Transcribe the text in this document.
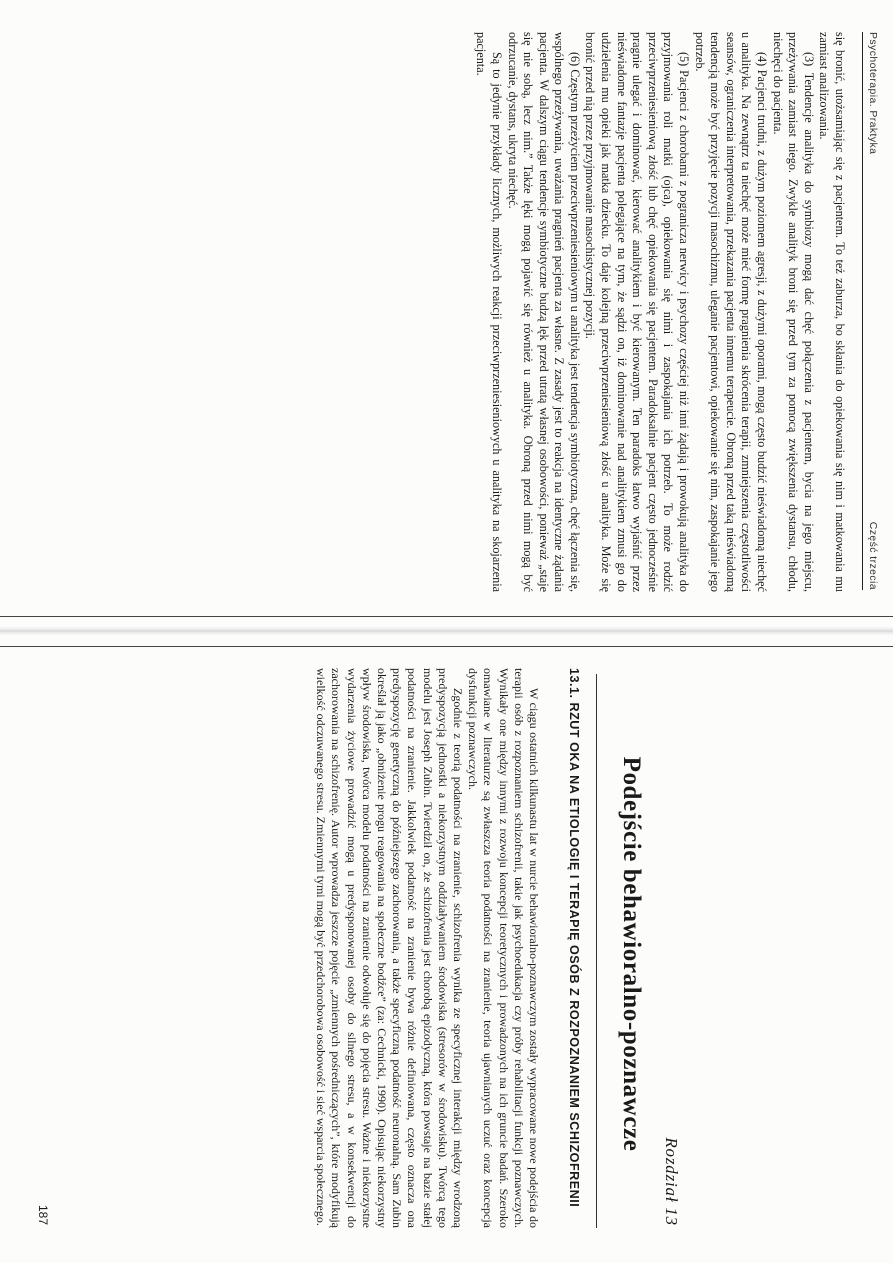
Psychoterapia. Praktyka
Część trzecia

się bronić, utożsamiając się z pacjentem. To też zaburza, bo skłania do opiekowania się nim i matkowania mu zamiast analizowania.

(3) Tendencje analityka do symbiozy mogą dać chęć połączenia z pacjentem, bycia na jego miejscu, przeżywania zamiast niego. Zwykle analityk broni się przed tym za pomocą zwiększenia dystansu, chłodu, niechęci do pacjenta.

(4) Pacjenci trudni, z dużym poziomem agresji, z dużymi oporami, mogą często budzić nieświadomą niechęć u analityka. Na zewnątrz ta niechęć może mieć formę pragnienia skrócenia terapii, zmniejszenia częstotliwości seansów, ograniczenia interpretowania, przekazania pacjenta innemu terapeucie. Obroną przed taką nieświadomą tendencją może być przyjęcie pozycji masochizmu, uleganie pacjentowi, opiekowanie się nim, zaspokajanie jego potrzeb.

(5) Pacjenci z chorobami z pogranicza nerwicy i psychozy częściej niż inni żądają i prowokują analityka do przyjmowania roli matki (ojca), opiekowania się nimi i zaspokajania ich potrzeb. To może rodzić przeciwprzeniesieniową złość lub chęć opiekowania się pacjentem. Paradoksalnie pacjent często jednocześnie pragnie ulegać i dominować, kierować analitykiem i być kierowanym. Ten paradoks łatwo wyjaśnić przez nieświadome fantazje pacjenta polegające na tym, że sądzi on, iż dominowanie nad analitykiem zmusi go do udzielenia mu opieki jak matka dziecku. To daje kolejną przeciwprzeniesieniową złość u analityka. Może się bronić przed nią przez przyjmowanie masochistycznej pozycji.

(6) Częstym przeżyciem przeciwprzeniesieniowym u analityka jest tendencja symbiotyczna, chęć łączenia się, wspólnego przeżywania, uważania pragnień pacjenta za własne. Z zasady jest to reakcja na identyczne żądania pacjenta. W dalszym ciągu tendencje symbiotyczne budzą lęk przed utratą własnej osobowości, ponieważ „staje się nie sobą, lecz nim.” Także lęki mogą pojawić się również u analityka. Obroną przed nimi mogą być odrzucanie, dystans, ukryta niechęć.

Są to jedynie przykłady licznych, możliwych reakcji przeciwprzeniesieniowych u analityka na skojarzenia pacjenta.

Rozdział 13
Podejście behawioralno-poznawcze
13.1. RZUT OKA NA ETIOLOGIĘ I TERAPIĘ OSÓB Z ROZPOZNANIEM SCHIZOFRENII

W ciągu ostatnich kilkunastu lat w nurcie behawioralno-poznawczym zostały wypracowane nowe podejścia do terapii osób z rozpoznaniem schizofrenii, takie jak psychoedukacja czy próby rehabilitacji funkcji poznawczych. Wynikały one między innymi z rozwoju koncepcji teoretycznych i prowadzonych na ich gruncie badań. Szeroko omawiane w literaturze są zwłaszcza teoria podatności na zranienie, teoria ujawnianych uczuć oraz koncepcja dysfunkcji poznawczych.

Zgodnie z teorią podatności na zranienie, schizofrenia wynika ze specyficznej interakcji między wrodzoną predyspozycją jednostki a niekorzystnym oddziaływaniem środowiska (stresorów w środowisku). Twórcą tego modelu jest Joseph Zubin. Twierdził on, że schizofrenia jest chorobą epizodyczną, która powstaje na bazie stałej podatności na zranienie. Jakkolwiek podatność na zranienie bywa różnie definiowana, często oznacza ona predyspozycję genetyczną do późniejszego zachorowania, a także specyficzną podatność neuronalną. Sam Zubin określał ją jako „obniżenie progu reagowania na społeczne bodźce” (za: Cechnicki, 1990). Opisując niekorzystny wpływ środowiska, twórca modelu podatności na zranienie odwołuje się do pojęcia stresu. Ważne i niekorzystne wydarzenia życiowe prowadzić mogą u predysponowanej osoby do silnego stresu, a w konsekwencji do zachorowania na schizofrenię. Autor wprowadza jeszcze pojęcie „zmiennych pośredniczących”, które modyfikują wielkość odczuwanego stresu. Zmiennymi tymi mogą być przedchorobowa osobowość i sieć wsparcia społecznego.

187
